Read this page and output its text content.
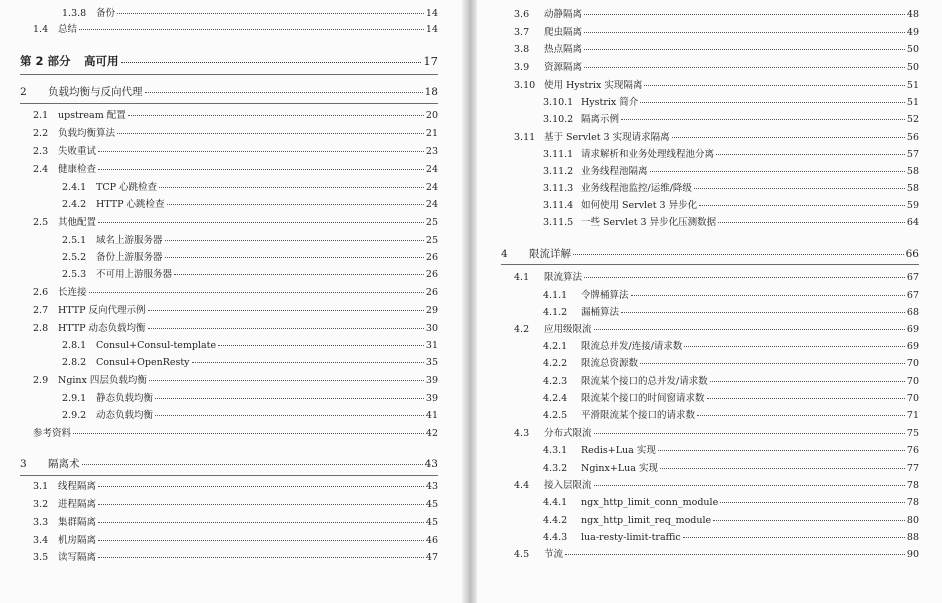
1.3.8	备份	14
1.4	总结	14
第 2 部分	高可用	17
2	负载均衡与反向代理	18
2.1	upstream 配置	20
2.2	负载均衡算法	21
2.3	失败重试	23
2.4	健康检查	24
2.4.1	TCP 心跳检查	24
2.4.2	HTTP 心跳检查	24
2.5	其他配置	25
2.5.1	域名上游服务器	25
2.5.2	备份上游服务器	26
2.5.3	不可用上游服务器	26
2.6	长连接	26
2.7	HTTP 反向代理示例	29
2.8	HTTP 动态负载均衡	30
2.8.1	Consul+Consul-template	31
2.8.2	Consul+OpenResty	35
2.9	Nginx 四层负载均衡	39
2.9.1	静态负载均衡	39
2.9.2	动态负载均衡	41
参考资料	42
3	隔离术	43
3.1	线程隔离	43
3.2	进程隔离	45
3.3	集群隔离	45
3.4	机房隔离	46
3.5	读写隔离	47
3.6	动静隔离	48
3.7	爬虫隔离	49
3.8	热点隔离	50
3.9	资源隔离	50
3.10 使用 Hystrix 实现隔离	51
3.10.1 Hystrix 简介	51
3.10.2 隔离示例	52
3.11 基于 Servlet 3 实现请求隔离	56
3.11.1 请求解析和业务处理线程池分离	57
3.11.2 业务线程池隔离	58
3.11.3 业务线程池监控/运维/降级	58
3.11.4 如何使用 Servlet 3 异步化	59
3.11.5 一些 Servlet 3 异步化压测数据	64
4	限流详解	66
4.1	限流算法	67
4.1.1	令牌桶算法	67
4.1.2	漏桶算法	68
4.2	应用级限流	69
4.2.1	限流总并发/连接/请求数	69
4.2.2	限流总资源数	70
4.2.3	限流某个接口的总并发/请求数	70
4.2.4	限流某个接口的时间窗请求数	70
4.2.5	平滑限流某个接口的请求数	71
4.3	分布式限流	75
4.3.1	Redis+Lua 实现	76
4.3.2	Nginx+Lua 实现	77
4.4	接入层限流	78
4.4.1	ngx_http_limit_conn_module	78
4.4.2	ngx_http_limit_req_module	80
4.4.3	lua-resty-limit-traffic	88
4.5	节流	90
